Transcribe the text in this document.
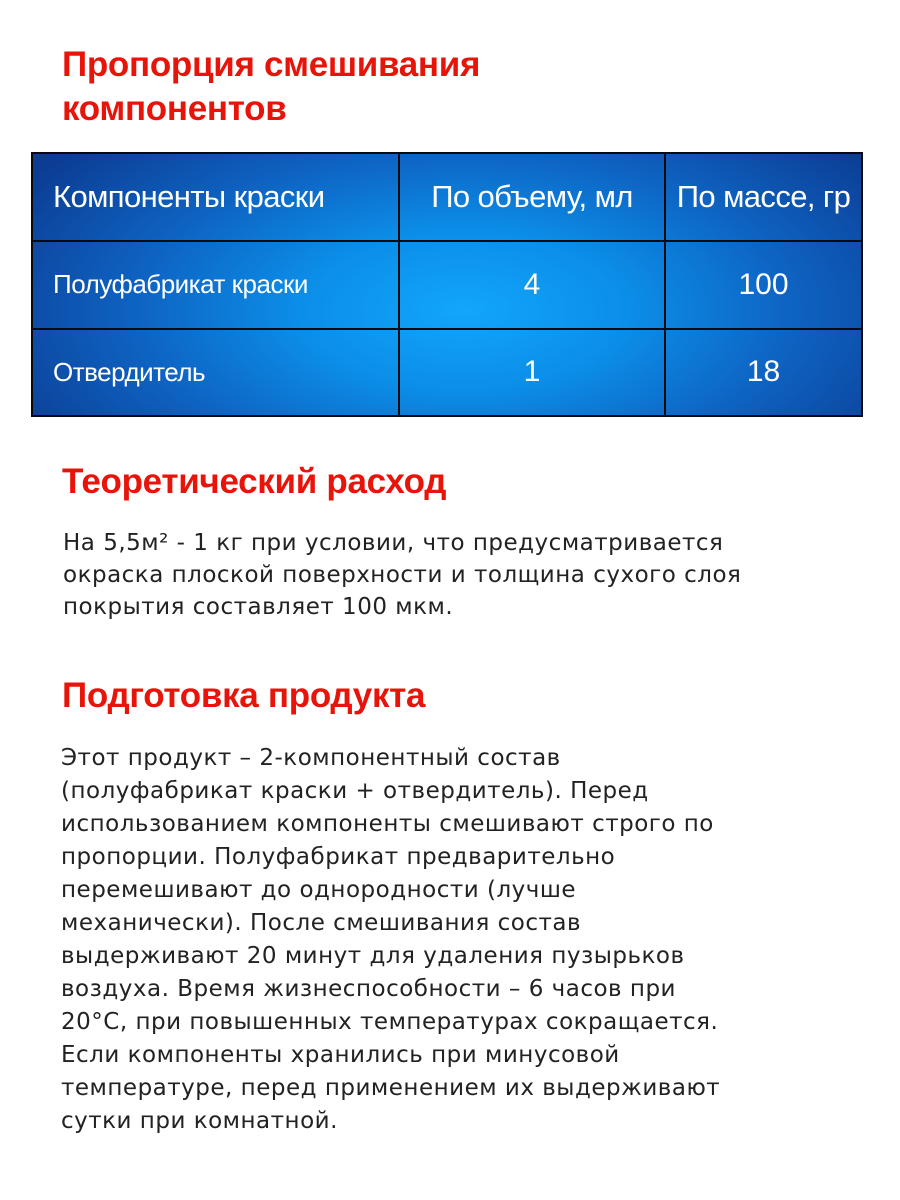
Пропорция смешивания компонентов
Компоненты краски	По объему, мл	По массе, гр
Полуфабрикат краски	4	100
Отвердитель	1	18
Теоретический расход

На 5,5м² - 1 кг при условии, что предусматривается
окраска плоской поверхности и толщина сухого слоя
покрытия составляет 100 мкм.

Подготовка продукта

Этот продукт – 2-компонентный состав
(полуфабрикат краски + отвердитель). Перед
использованием компоненты смешивают строго по
пропорции. Полуфабрикат предварительно
перемешивают до однородности (лучше
механически). После смешивания состав
выдерживают 20 минут для удаления пузырьков
воздуха. Время жизнеспособности – 6 часов при
20°С, при повышенных температурах сокращается.
Если компоненты хранились при минусовой
температуре, перед применением их выдерживают
сутки при комнатной.
